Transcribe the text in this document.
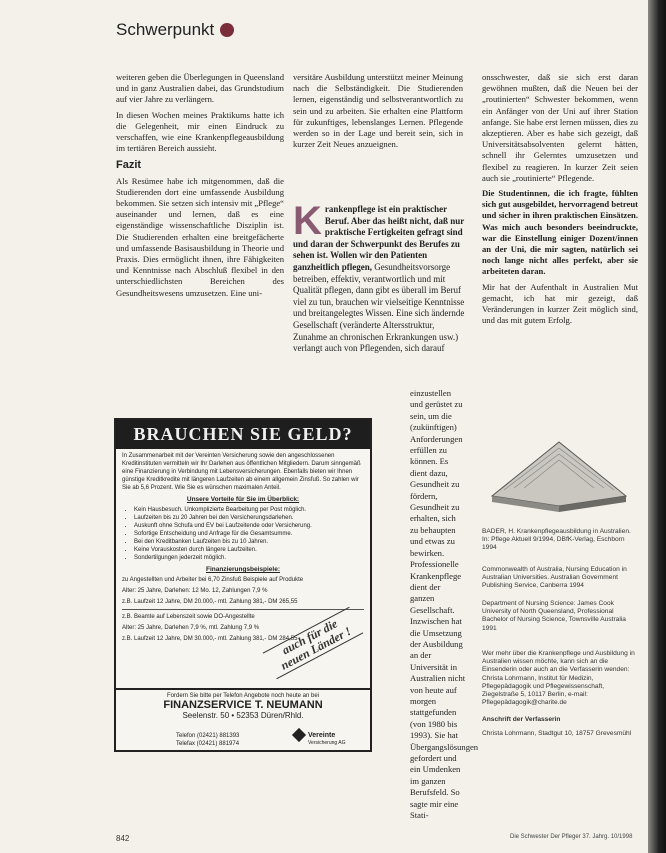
Schwerpunkt

weiteren geben die Überlegungen in Queensland und in ganz Australien dabei, das Grundstudium auf vier Jahre zu verlängern.

In diesen Wochen meines Praktikums hatte ich die Gelegenheit, mir einen Eindruck zu verschaffen, wie eine Krankenpflegeausbildung im tertiären Bereich aussieht.

Fazit

Als Resümee habe ich mitgenommen, daß die Studierenden dort eine umfassende Ausbildung bekommen. Sie setzen sich intensiv mit „Pflege“ auseinander und lernen, daß es eine eigenständige wissenschaftliche Disziplin ist. Die Studierenden erhalten eine breitgefächerte und umfassende Basisausbildung in Theorie und Praxis. Dies ermöglicht ihnen, ihre Fähigkeiten und Kenntnisse nach Abschluß flexibel in den unterschiedlichsten Bereichen des Gesundheitswesens umzusetzen. Eine uni-

versitäre Ausbildung unterstützt meiner Meinung nach die Selbständigkeit. Die Studierenden lernen, eigenständig und selbstverantwortlich zu sein und zu arbeiten. Sie erhalten eine Plattform für zukunftiges, lebenslanges Lernen. Pflegende werden so in der Lage und bereit sein, sich in kurzer Zeit Neues anzueignen.

K rankenpflege ist ein praktischer Beruf. Aber das heißt nicht, daß nur praktische Fertigkeiten gefragt sind und daran der Schwerpunkt des Berufes zu sehen ist. Wollen wir den Patienten ganzheitlich pflegen, Gesundheitsvorsorge betreiben, effektiv, verantwortlich und mit Qualität pflegen, dann gibt es überall im Beruf viel zu tun, brauchen wir vielseitige Kenntnisse und breitangelegtes Wissen. Eine sich ändernde Gesellschaft (veränderte Altersstruktur, Zunahme an chronischen Erkrankungen usw.) verlangt auch von Pflegenden, sich darauf

einzustellen und gerüstet zu sein, um die (zukünftigen) Anforderungen erfüllen zu können. Es dient dazu, Gesundheit zu fördern, Gesundheit zu erhalten, sich zu behaupten und etwas zu bewirken. Professionelle Krankenpflege dient der ganzen Gesellschaft. Inzwischen hat die Umsetzung der Ausbildung an der Universität in Australien nicht von heute auf morgen stattgefunden (von 1980 bis 1993). Sie hat Übergangslösungen gefordert und ein Umdenken im ganzen Berufsfeld. So sagte mir eine Stati-

onsschwester, daß sie sich erst daran gewöhnen mußten, daß die Neuen bei der „routinierten“ Schwester bekommen, wenn ein Anfänger von der Uni auf ihrer Station anfange. Sie habe erst lernen müssen, dies zu akzeptieren. Aber es habe sich gezeigt, daß Universitätsabsolventen gelernt hätten, schnell ihr Gelerntes umzusetzen und flexibel zu reagieren. In kurzer Zeit seien auch sie „routinierte“ Pflegende.

Die Studentinnen, die ich fragte, fühlten sich gut ausgebildet, hervorragend betreut und sicher in ihren praktischen Einsätzen. Was mich auch besonders beeindruckte, war die Einstellung einiger Dozent/innen an der Uni, die mir sagten, natürlich sei noch lange nicht alles perfekt, aber sie arbeiteten daran.

Mir hat der Aufenthalt in Australien Mut gemacht, ich hat mir gezeigt, daß Veränderungen in kurzer Zeit möglich sind, und das mit gutem Erfolg.

BRAUCHEN SIE GELD?

In Zusammenarbeit mit der Vereinten Versicherung sowie den angeschlossenen Kreditinstituten vermitteln wir Ihr Darlehen aus öffentlichen Mitgliedern. Darum sinngemäß eine Finanzierung in Verbindung mit Lebensversicherungen. Ebenfalls bieten wir Ihnen günstige Kreditkredite mit längeren Laufzeiten ab einem allgemein Zinsfuß. So zahlen wir Sie ab 5,6 Prozent. Wie Sie es wünschen maximalen Anteil.

Unsere Vorteile für Sie im Überblick:
• Kein Hausbesuch. Unkomplizierte Bearbeitung per Post möglich.
• Laufzeiten bis zu 20 Jahren bei den Versicherungsdarlehen.
• Auskunft ohne Schufa und EV bei Laufzeitende oder Versicherung.
• Sofortige Entscheidung und Anfrage für die Gesamtsumme.
• Bei den Kreditbanken Laufzeiten bis zu 10 Jahren.
• Keine Vorauskosten durch längere Laufzeiten.
• Sondertilgungen jederzeit möglich.
Finanzierungsbeispiele:

zu Angestellten und Arbeiter bei 6,70 Zinsfuß Beispiele auf Produkte

Alter: 25 Jahre, Darlehen: 12 Mo. 12, Zahlungen 7,9 %

z.B. Laufzeit 12 Jahre, DM 20.000,- mtl. Zahlung 381,- DM 265,55

z.B. Beamte auf Lebenszeit sowie DO-Angestellte

Alter: 25 Jahre, Darlehen 7,9 %, mtl. Zahlung 7,9 %

z.B. Laufzeit 12 Jahre, DM 30.000,- mtl. Zahlung 381,- DM 284,55

auch für die neuen Länder !
Fordern Sie bitte per Telefon Angebote noch heute an bei
FINANZSERVICE T. NEUMANN
Seelenstr. 50 • 52353 Düren/Rhld.
Telefon (02421) 881393
Telefax (02421) 881974
Vereinte
Versicherung AG
BADER, H. Krankenpflegeausbildung in Australien. In: Pflege Aktuell 9/1994, DBfK-Verlag, Eschborn 1994
Commonwealth of Australia, Nursing Education in Australian Universities. Australian Government Publishing Service, Canberra 1994
Department of Nursing Science: James Cook University of North Queensland, Professional Bachelor of Nursing Science, Townsville Australia 1991
Wer mehr über die Krankenpflege und Ausbildung in Australien wissen möchte, kann sich an die Einsenderin oder auch an die Verfasserin wenden: Christa Lohrmann, Institut für Medizin, Pflegepädagogik und Pflegewissenschaft, Ziegelstraße 5, 10117 Berlin, e-mail: Pflegepädagogik@charite.de
Anschrift der Verfasserin
Christa Lohrmann, Stadtgut 10, 18757 Grevesmühl
842	Die Schwester Der Pfleger 37. Jahrg. 10/1998
